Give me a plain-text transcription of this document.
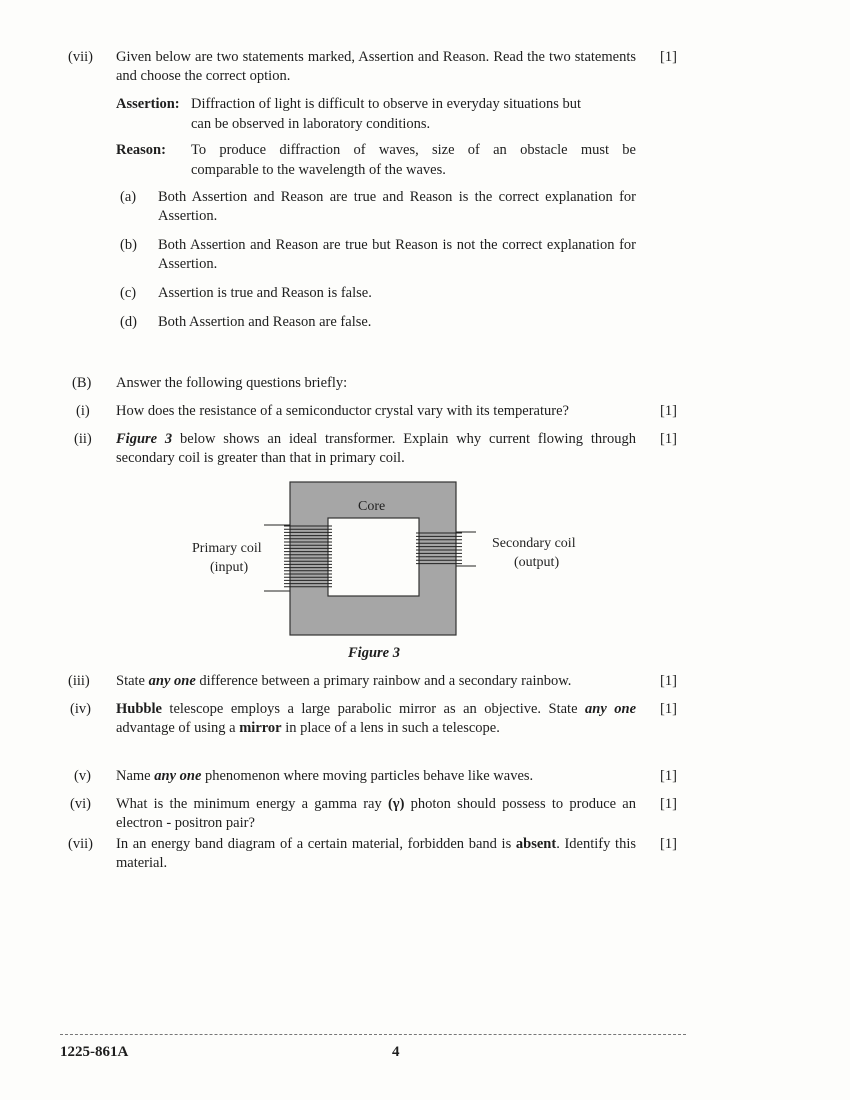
(vii) Given below are two statements marked, Assertion and Reason. Read the two statements and choose the correct option.
[1]
Assertion: Diffraction of light is difficult to observe in everyday situations but
can be observed in laboratory conditions.
Reason: To produce diffraction of waves, size of an obstacle must be
comparable to the wavelength of the waves.
(a) Both Assertion and Reason are true and Reason is the correct explanation for Assertion.
(b) Both Assertion and Reason are true but Reason is not the correct explanation for Assertion.
(c) Assertion is true and Reason is false.
(d) Both Assertion and Reason are false.
(B) Answer the following questions briefly:
(i) How does the resistance of a semiconductor crystal vary with its temperature?	[1]
(ii) Figure 3 below shows an ideal transformer. Explain why current flowing through secondary coil is greater than that in primary coil.
[1]
Core
Primary coil
(input)
Secondary coil
(output)
Figure 3
(iii) State any one difference between a primary rainbow and a secondary rainbow.	[1]
(iv) Hubble telescope employs a large parabolic mirror as an objective. State any one advantage of using a mirror in place of a lens in such a telescope.
[1]
(v) Name any one phenomenon where moving particles behave like waves.	[1]
(vi) What is the minimum energy a gamma ray (γ) photon should possess to produce an electron - positron pair?
[1]
(vii) In an energy band diagram of a certain material, forbidden band is absent. Identify this material.
[1]
1225-861A	4
